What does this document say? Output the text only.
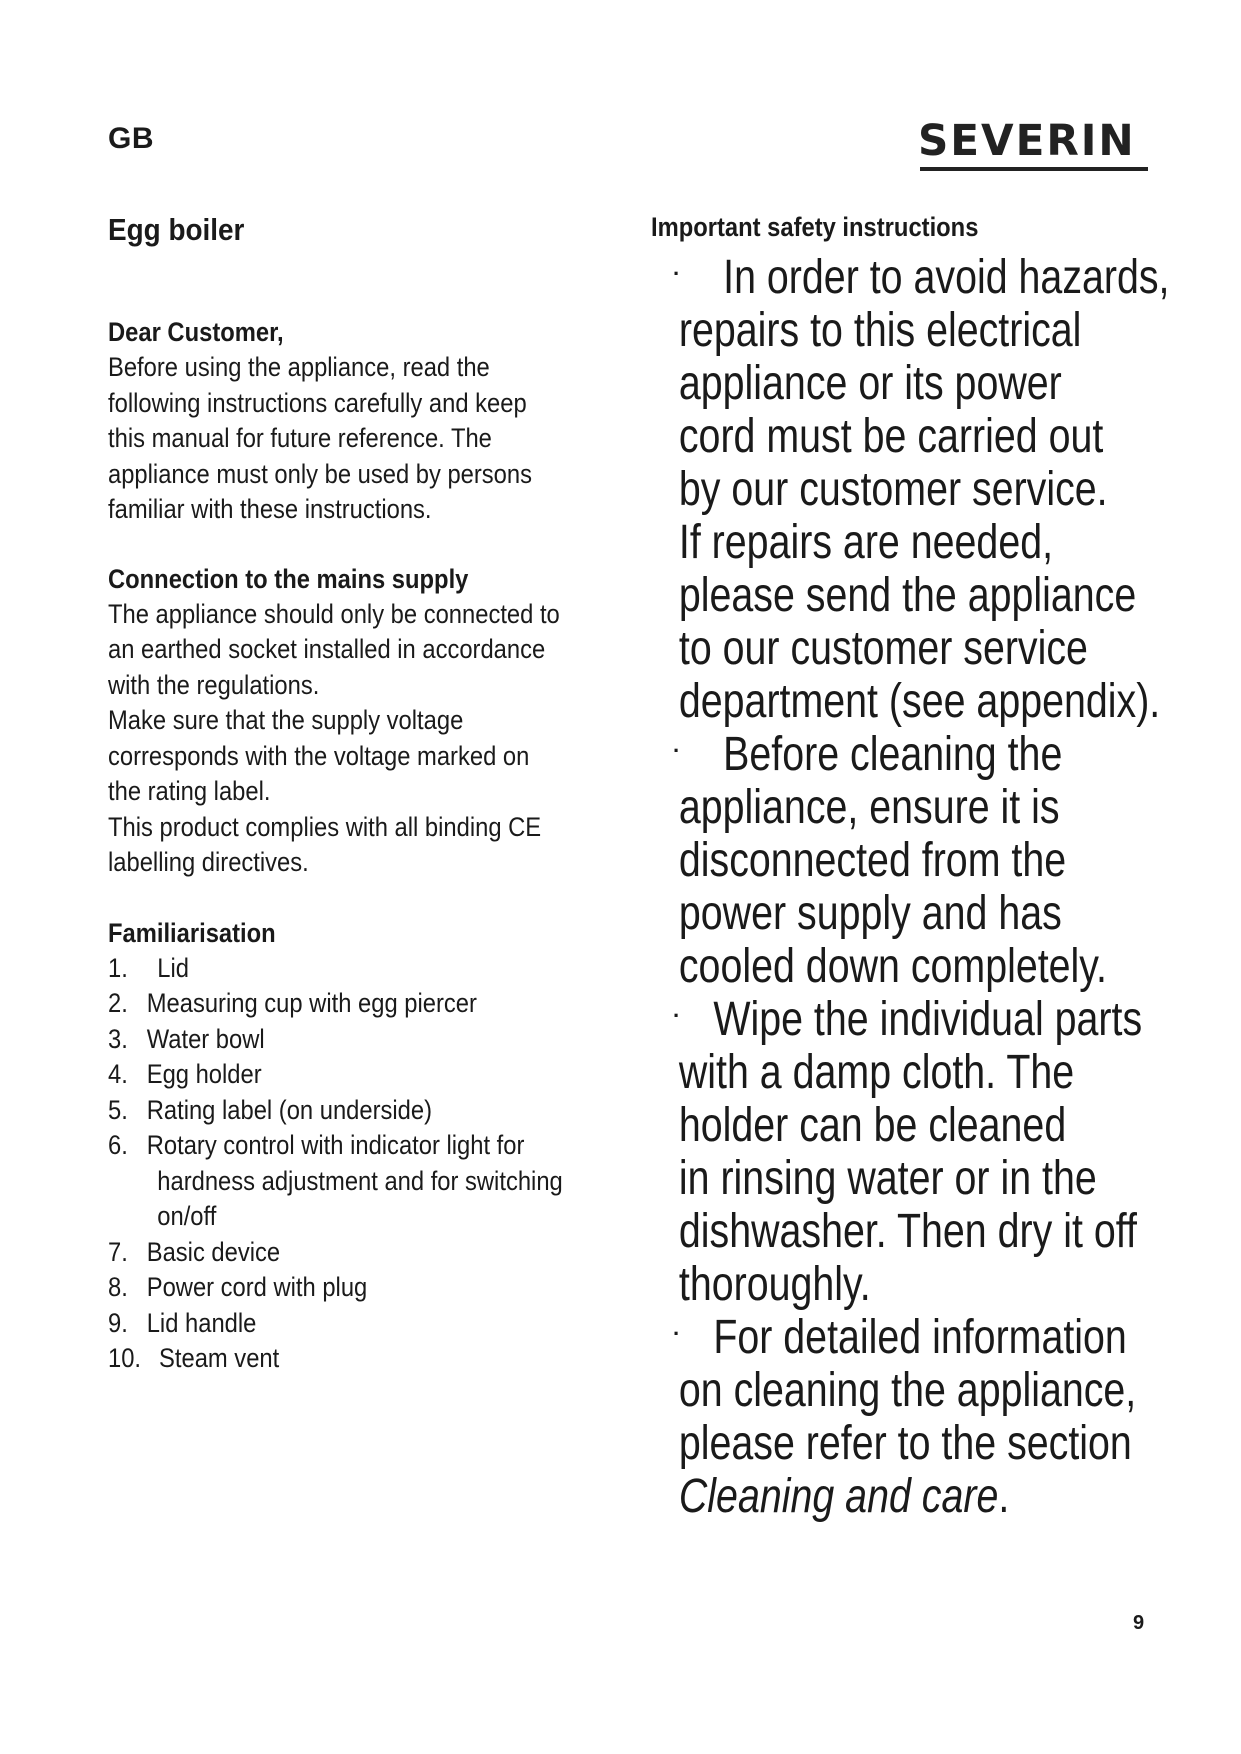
GB	SEVERIN
Egg boiler

Dear Customer,

Before using the appliance, read the

following instructions carefully and keep

this manual for future reference. The

appliance must only be used by persons

familiar with these instructions.

Connection to the mains supply

The appliance should only be connected to

an earthed socket installed in accordance

with the regulations.

Make sure that the supply voltage

corresponds with the voltage marked on

the rating label.

This product complies with all binding CE

labelling directives.

Familiarisation

1. Lid
2. Measuring cup with egg piercer
3. Water bowl
4. Egg holder
5. Rating label (on underside)
6. Rotary control with indicator light for
hardness adjustment and for switching
on/off
7. Basic device
8. Power cord with plug
9. Lid handle
10. Steam vent

Important safety instructions

· In order to avoid hazards,

repairs to this electrical

appliance or its power

cord must be carried out

by our customer service.

If repairs are needed,

please send the appliance

to our customer service

department (see appendix).

· Before cleaning the

appliance, ensure it is

disconnected from the

power supply and has

cooled down completely.

· Wipe the individual parts

with a damp cloth. The

holder can be cleaned

in rinsing water or in the

dishwasher. Then dry it off

thoroughly.

· For detailed information

on cleaning the appliance,

please refer to the section

Cleaning and care.

9
